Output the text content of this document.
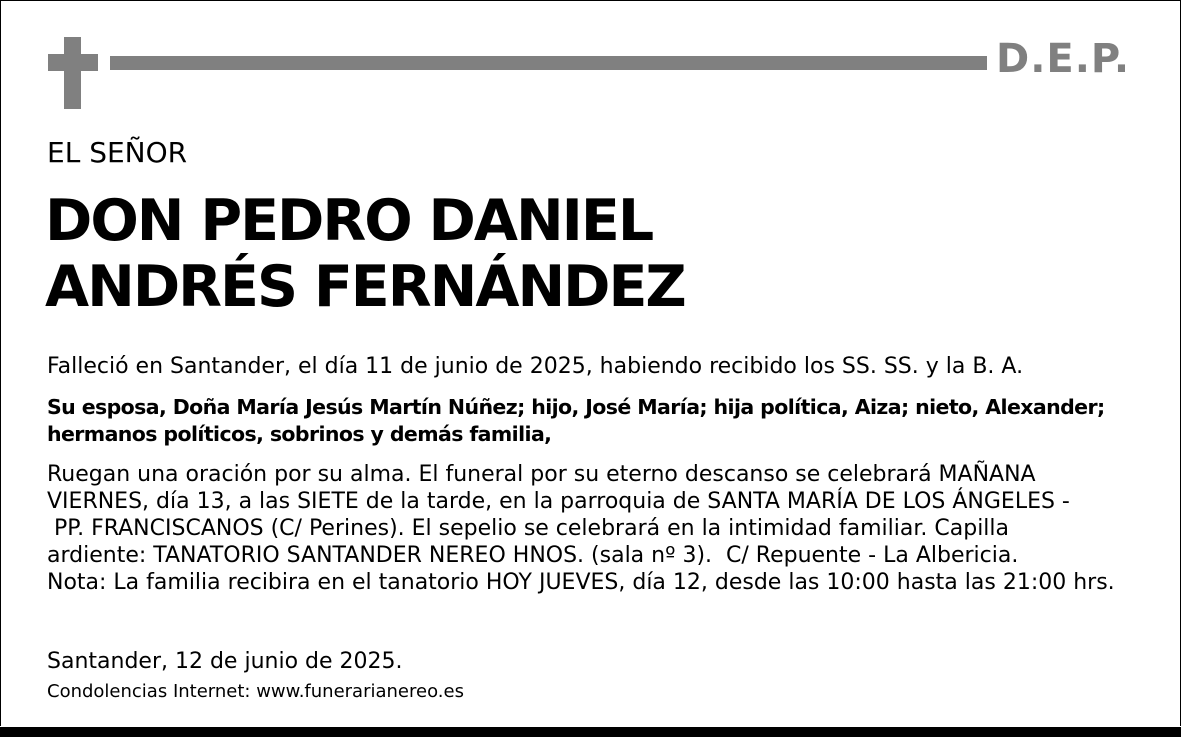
D.E.P.
EL SEÑOR
DON PEDRO DANIEL
ANDRÉS FERNÁNDEZ
Falleció en Santander, el día 11 de junio de 2025, habiendo recibido los SS. SS. y la B. A.
Su esposa, Doña María Jesús Martín Núñez; hijo, José María; hija política, Aiza; nieto, Alexander;
hermanos políticos, sobrinos y demás familia,
Ruegan una oración por su alma. El funeral por su eterno descanso se celebrará MAÑANA
VIERNES, día 13, a las SIETE de la tarde, en la parroquia de SANTA MARÍA DE LOS ÁNGELES -
PP. FRANCISCANOS (C/ Perines). El sepelio se celebrará en la intimidad familiar. Capilla
ardiente: TANATORIO SANTANDER NEREO HNOS. (sala nº 3).  C/ Repuente - La Albericia.
Nota: La familia recibira en el tanatorio HOY JUEVES, día 12, desde las 10:00 hasta las 21:00 hrs.
Santander, 12 de junio de 2025.
Condolencias Internet: www.funerarianereo.es
